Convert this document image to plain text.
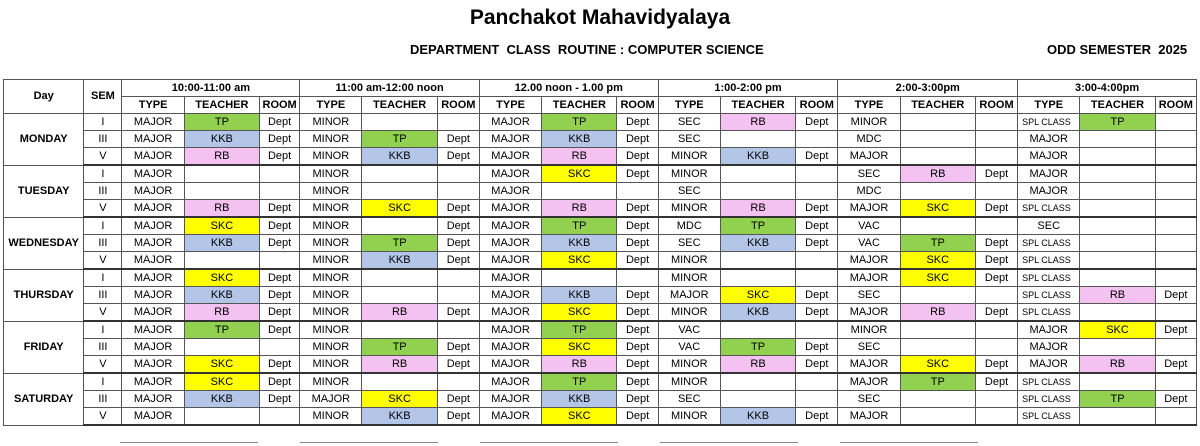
Panchakot Mahavidyalaya
DEPARTMENT  CLASS  ROUTINE : COMPUTER SCIENCE	ODD SEMESTER  2025
Day	SEM	10:00-11:00 am			11:00 am-12:00 noon			12.00 noon - 1.00 pm			1:00-2:00 pm			2:00-3:00pm			3:00-4:00pm		
		TYPE	TEACHER	ROOM	TYPE	TEACHER	ROOM	TYPE	TEACHER	ROOM	TYPE	TEACHER	ROOM	TYPE	TEACHER	ROOM	TYPE	TEACHER	ROOM
MONDAY	I	MAJOR	TP	Dept	MINOR			MAJOR	TP	Dept	SEC	RB	Dept	MINOR			SPL CLASS	TP	
	III	MAJOR	KKB	Dept	MINOR	TP	Dept	MAJOR	KKB	Dept	SEC			MDC			MAJOR		
	V	MAJOR	RB	Dept	MINOR	KKB	Dept	MAJOR	RB	Dept	MINOR	KKB	Dept	MAJOR			MAJOR		
TUESDAY	I	MAJOR			MINOR			MAJOR	SKC	Dept	MINOR			SEC	RB	Dept	MAJOR		
	III	MAJOR			MINOR			MAJOR			SEC			MDC			MAJOR		
	V	MAJOR	RB	Dept	MINOR	SKC	Dept	MAJOR	RB	Dept	MINOR	RB	Dept	MAJOR	SKC	Dept	SPL CLASS		
WEDNESDAY	I	MAJOR	SKC	Dept	MINOR		Dept	MAJOR	TP	Dept	MDC	TP	Dept	VAC			SEC		
	III	MAJOR	KKB	Dept	MINOR	TP	Dept	MAJOR	KKB	Dept	SEC	KKB	Dept	VAC	TP	Dept	SPL CLASS		
	V	MAJOR			MINOR	KKB	Dept	MAJOR	SKC	Dept	MINOR			MAJOR	SKC	Dept	SPL CLASS		
THURSDAY	I	MAJOR	SKC	Dept	MINOR			MAJOR			MINOR			MAJOR	SKC	Dept	SPL CLASS		
	III	MAJOR	KKB	Dept	MINOR			MAJOR	KKB	Dept	MAJOR	SKC	Dept	SEC			SPL CLASS	RB	Dept
	V	MAJOR	RB	Dept	MINOR	RB	Dept	MAJOR	SKC	Dept	MINOR	KKB	Dept	MAJOR	RB	Dept	SPL CLASS		
FRIDAY	I	MAJOR	TP	Dept	MINOR			MAJOR	TP	Dept	VAC			MINOR			MAJOR	SKC	Dept
	III	MAJOR			MINOR	TP	Dept	MAJOR	SKC	Dept	VAC	TP	Dept	SEC			MAJOR		
	V	MAJOR	SKC	Dept	MINOR	RB	Dept	MAJOR	RB	Dept	MINOR	RB	Dept	MAJOR	SKC	Dept	MAJOR	RB	Dept
SATURDAY	I	MAJOR	SKC	Dept	MINOR			MAJOR	TP	Dept	MINOR			MAJOR	TP	Dept	SPL CLASS		
	III	MAJOR	KKB	Dept	MAJOR	SKC	Dept	MAJOR	KKB	Dept	SEC			SEC			SPL CLASS	TP	Dept
	V	MAJOR			MINOR	KKB	Dept	MAJOR	SKC	Dept	MINOR	KKB	Dept	MAJOR			SPL CLASS		
